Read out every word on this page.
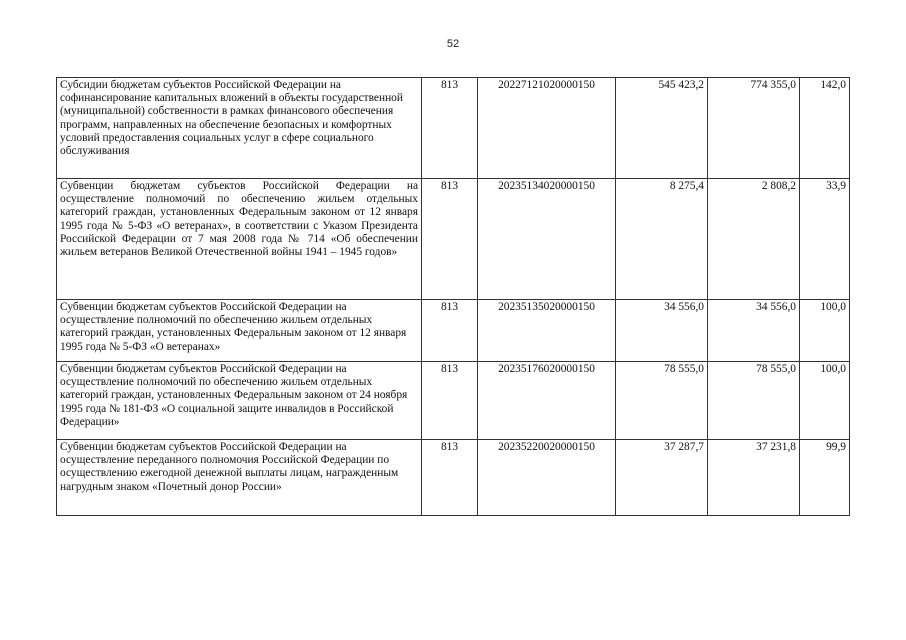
52
Субсидии бюджетам субъектов Российской Федерации на софинансирование капитальных вложений в объекты государственной (муниципальной) собственности в рамках финансового обеспечения программ, направленных на обеспечение безопасных и комфортных условий предоставления социальных услуг в сфере социального обслуживания	813	20227121020000150	545 423,2	774 355,0	142,0
Субвенции бюджетам субъектов Российской Федерации на осуществление полномочий по обеспечению жильем отдельных категорий граждан, установленных Федеральным законом от 12 января 1995 года № 5-ФЗ «О ветеранах», в соответствии с Указом Президента Российской Федерации от 7 мая 2008 года № 714 «Об обеспечении жильем ветеранов Великой Отечественной войны 1941 – 1945 годов»	813	20235134020000150	8 275,4	2 808,2	33,9
Субвенции бюджетам субъектов Российской Федерации на осуществление полномочий по обеспечению жильем отдельных категорий граждан, установленных Федеральным законом от 12 января 1995 года № 5-ФЗ «О ветеранах»	813	20235135020000150	34 556,0	34 556,0	100,0
Субвенции бюджетам субъектов Российской Федерации на осуществление полномочий по обеспечению жильем отдельных категорий граждан, установленных Федеральным законом от 24 ноября 1995 года № 181-ФЗ «О социальной защите инвалидов в Российской Федерации»	813	20235176020000150	78 555,0	78 555,0	100,0
Субвенции бюджетам субъектов Российской Федерации на осуществление переданного полномочия Российской Федерации по осуществлению ежегодной денежной выплаты лицам, награжденным нагрудным знаком «Почетный донор России»	813	20235220020000150	37 287,7	37 231,8	99,9
